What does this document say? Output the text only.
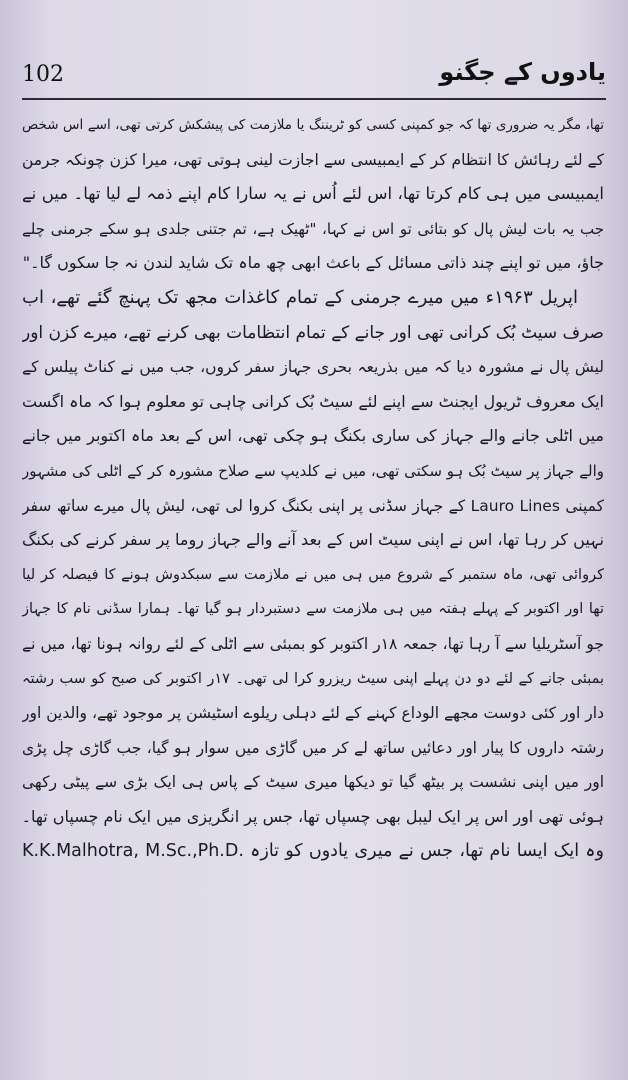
102	یادوں کے جگنو
تھا، مگر یہ ضروری تھا کہ جو کمپنی کسی کو ٹریننگ یا ملازمت کی پیشکش کرتی تھی، اسے اس شخص
کے لئے رہائش کا انتظام کر کے ایمبیسی سے اجازت لینی ہوتی تھی، میرا کزن چونکہ جرمن
ایمبیسی میں ہی کام کرتا تھا، اس لئے اُس نے یہ سارا کام اپنے ذمہ لے لیا تھا۔ میں نے
جب یہ بات لیش پال کو بتائی تو اس نے کہا، "ٹھیک ہے، تم جتنی جلدی ہو سکے جرمنی چلے
جاؤ، میں تو اپنے چند ذاتی مسائل کے باعث ابھی چھ ماہ تک شاید لندن نہ جا سکوں گا۔"
اپریل ۱۹۶۳ء میں میرے جرمنی کے تمام کاغذات مجھ تک پہنچ گئے تھے، اب
صرف سیٹ بُک کرانی تھی اور جانے کے تمام انتظامات بھی کرنے تھے، میرے کزن اور
لیش پال نے مشورہ دیا کہ میں بذریعہ بحری جہاز سفر کروں، جب میں نے کناٹ پیلس کے
ایک معروف ٹریول ایجنٹ سے اپنے لئے سیٹ بُک کرانی چاہی تو معلوم ہوا کہ ماہ اگست
میں اٹلی جانے والے جہاز کی ساری بکنگ ہو چکی تھی، اس کے بعد ماہ اکتوبر میں جانے
والے جہاز پر سیٹ بُک ہو سکتی تھی، میں نے کلدیپ سے صلاح مشورہ کر کے اٹلی کی مشہور
کمپنی Lauro Lines کے جہاز سڈنی پر اپنی بکنگ کروا لی تھی، لیش پال میرے ساتھ سفر
نہیں کر رہا تھا، اس نے اپنی سیٹ اس کے بعد آنے والے جہاز روما پر سفر کرنے کی بکنگ
کروائی تھی، ماہ ستمبر کے شروع میں ہی میں نے ملازمت سے سبکدوش ہونے کا فیصلہ کر لیا
تھا اور اکتوبر کے پہلے ہفتہ میں ہی ملازمت سے دستبردار ہو گیا تھا۔ ہمارا سڈنی نام کا جہاز
جو آسٹریلیا سے آ رہا تھا، جمعہ ۱۸ر اکتوبر کو بمبئی سے اٹلی کے لئے روانہ ہونا تھا، میں نے
بمبئی جانے کے لئے دو دن پہلے اپنی سیٹ ریزرو کرا لی تھی۔ ۱۷ر اکتوبر کی صبح کو سب رشتہ
دار اور کئی دوست مجھے الوداع کہنے کے لئے دہلی ریلوے اسٹیشن پر موجود تھے، والدین اور
رشتہ داروں کا پیار اور دعائیں ساتھ لے کر میں گاڑی میں سوار ہو گیا، جب گاڑی چل پڑی
اور میں اپنی نشست پر بیٹھ گیا تو دیکھا میری سیٹ کے پاس ہی ایک بڑی سے پیٹی رکھی
ہوئی تھی اور اس پر ایک لیبل بھی چسپاں تھا، جس پر انگریزی میں ایک نام چسپاں تھا۔
K.K.Malhotra, M.Sc.,Ph.D. وہ ایک ایسا نام تھا، جس نے میری یادوں کو تازہ
